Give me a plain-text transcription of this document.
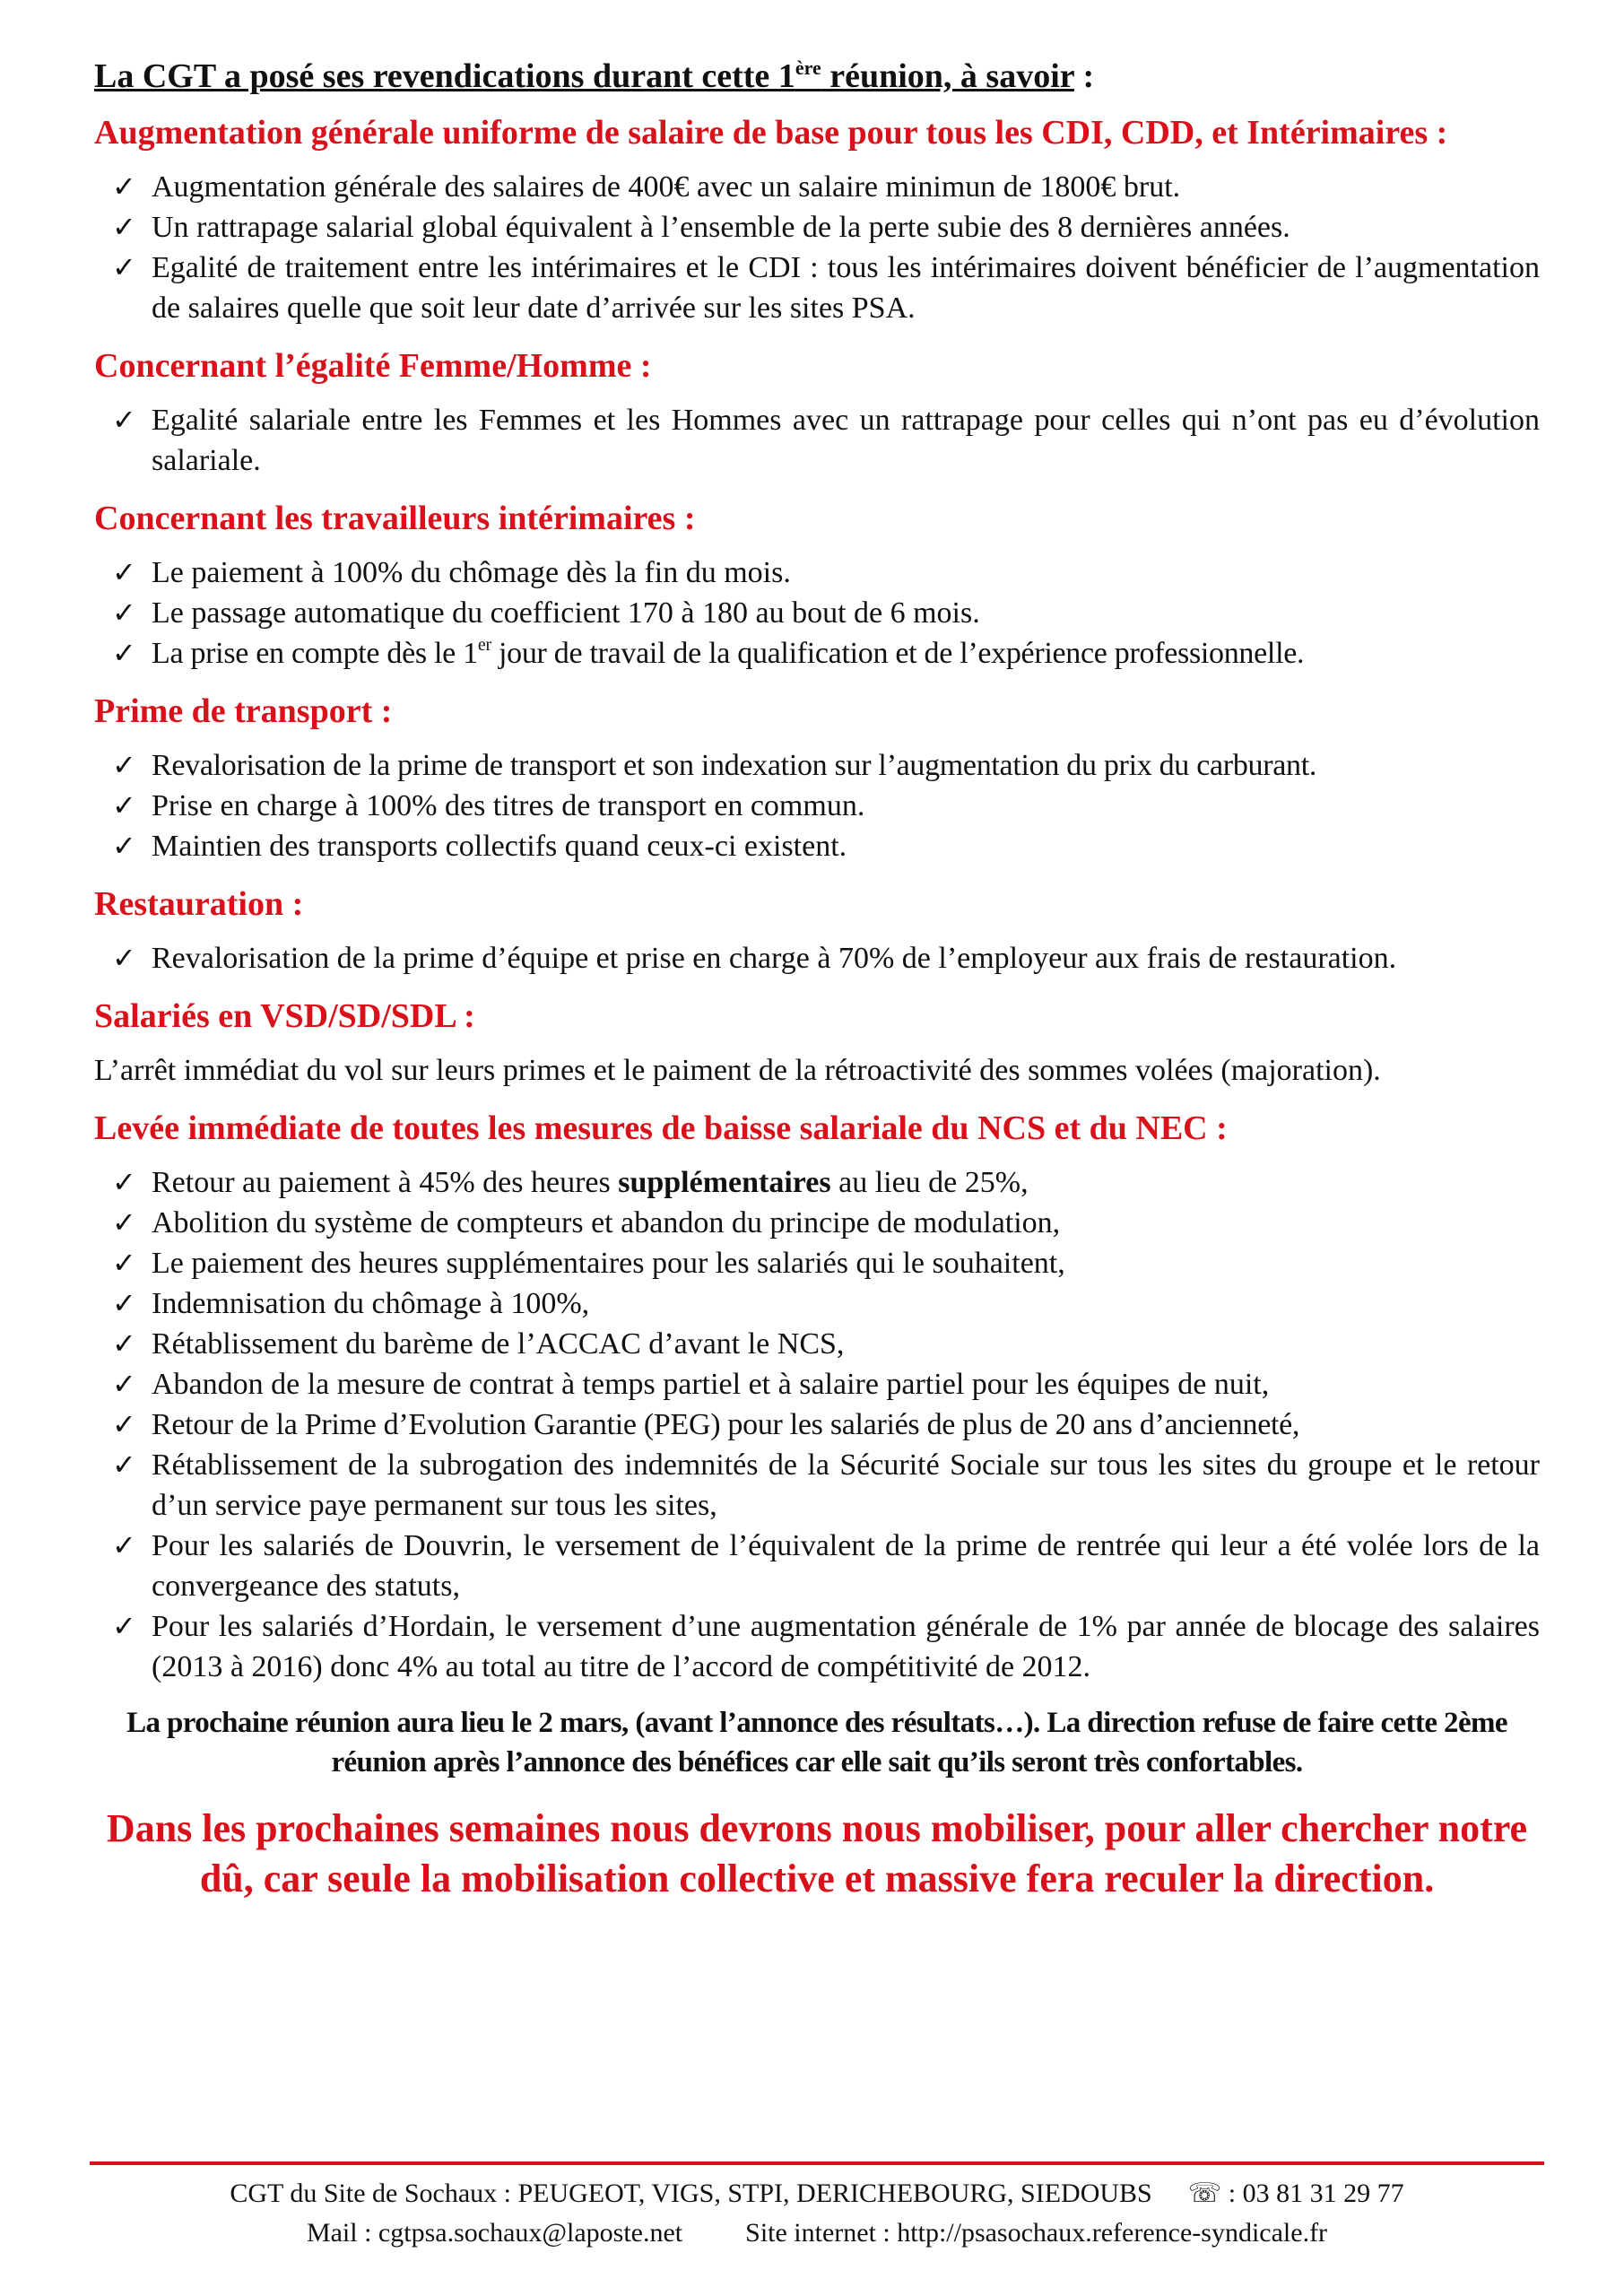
La CGT a posé ses revendications durant cette 1ère réunion, à savoir :
Augmentation générale uniforme de salaire de base pour tous les CDI, CDD, et Intérimaires :
✓ Augmentation générale des salaires de 400€ avec un salaire minimun de 1800€ brut.
✓ Un rattrapage salarial global équivalent à l’ensemble de la perte subie des 8 dernières années.
✓ Egalité de traitement entre les intérimaires et le CDI : tous les intérimaires doivent bénéficier de l’augmentation de salaires quelle que soit leur date d’arrivée sur les sites PSA.
Concernant l’égalité Femme/Homme :
✓ Egalité salariale entre les Femmes et les Hommes avec un rattrapage pour celles qui n’ont pas eu d’évolution salariale.
Concernant les travailleurs intérimaires :
✓ Le paiement à 100% du chômage dès la fin du mois.
✓ Le passage automatique du coefficient 170 à 180 au bout de 6 mois.
✓ La prise en compte dès le 1er jour de travail de la qualification et de l’expérience professionnelle.
Prime de transport :
✓ Revalorisation de la prime de transport et son indexation sur l’augmentation du prix du carburant.
✓ Prise en charge à 100% des titres de transport en commun.
✓ Maintien des transports collectifs quand ceux-ci existent.
Restauration :
✓ Revalorisation de la prime d’équipe et prise en charge à 70% de l’employeur aux frais de restauration.
Salariés en VSD/SD/SDL :
L’arrêt immédiat du vol sur leurs primes et le paiment de la rétroactivité des sommes volées (majoration).
Levée immédiate de toutes les mesures de baisse salariale du NCS et du NEC :
✓ Retour au paiement à 45% des heures supplémentaires au lieu de 25%,
✓ Abolition du système de compteurs et abandon du principe de modulation,
✓ Le paiement des heures supplémentaires pour les salariés qui le souhaitent,
✓ Indemnisation du chômage à 100%,
✓ Rétablissement du barème de l’ACCAC d’avant le NCS,
✓ Abandon de la mesure de contrat à temps partiel et à salaire partiel pour les équipes de nuit,
✓ Retour de la Prime d’Evolution Garantie (PEG) pour les salariés de plus de 20 ans d’ancienneté,
✓ Rétablissement de la subrogation des indemnités de la Sécurité Sociale sur tous les sites du groupe et le retour d’un service paye permanent sur tous les sites,
✓ Pour les salariés de Douvrin, le versement de l’équivalent de la prime de rentrée qui leur a été volée lors de la convergeance des statuts,
✓ Pour les salariés d’Hordain, le versement d’une augmentation générale de 1% par année de blocage des salaires (2013 à 2016) donc 4% au total au titre de l’accord de compétitivité de 2012.
La prochaine réunion aura lieu le 2 mars, (avant l’annonce des résultats…). La direction refuse de faire cette 2ème réunion après l’annonce des bénéfices car elle sait qu’ils seront très confortables.
Dans les prochaines semaines nous devrons nous mobiliser, pour aller chercher notre dû, car seule la mobilisation collective et massive fera reculer la direction.
CGT du Site de Sochaux : PEUGEOT, VIGS, STPI, DERICHEBOURG, SIEDOUBS ☏ : 03 81 31 29 77
Mail : cgtpsa.sochaux@laposte.net Site internet : http://psasochaux.reference-syndicale.fr
